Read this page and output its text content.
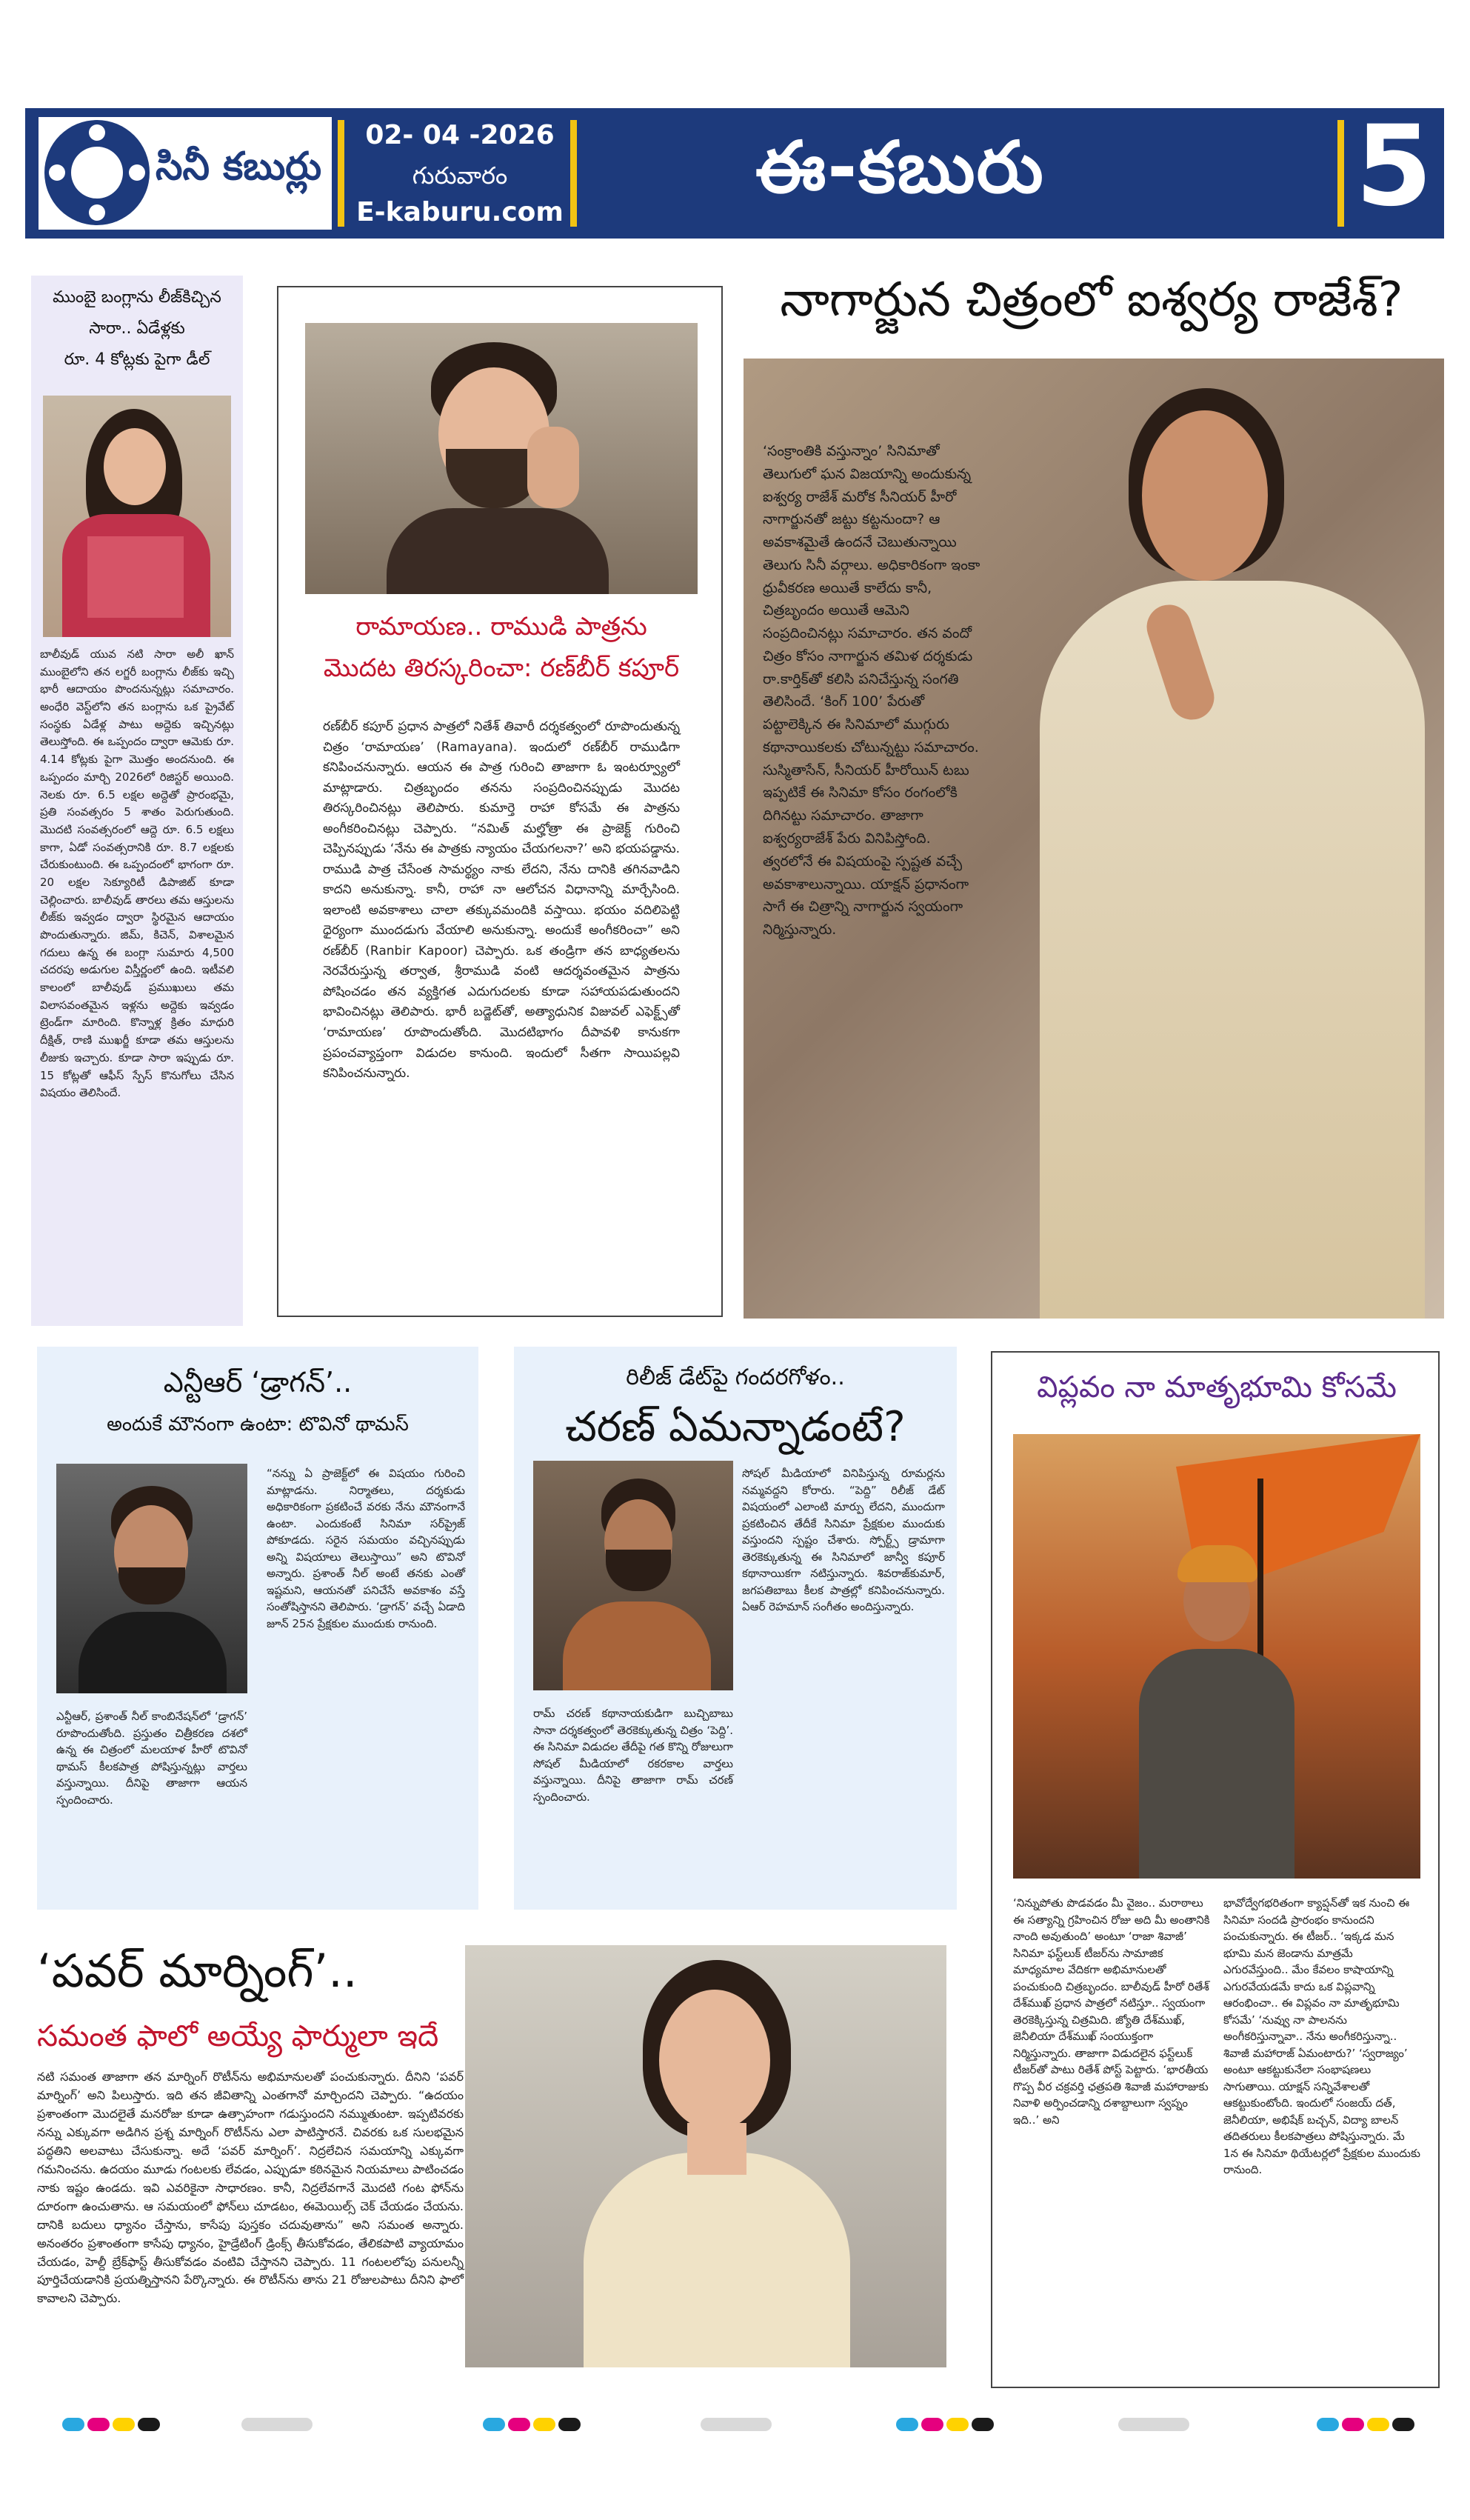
సినీ కబుర్లు
02- 04 -2026
గురువారం
E-kaburu.com
ఈ-కబురు	5
ముంబై బంగ్లాను లీజ్‌కిచ్చిన
సారా.. ఏడేళ్లకు
రూ. 4 కోట్లకు పైగా డీల్
బాలీవుడ్ యువ నటి సారా అలీ ఖాన్ ముంబైలోని తన లగ్జరీ బంగ్లాను లీజ్‌కు ఇచ్చి భారీ ఆదాయం పొందనున్నట్లు సమాచారం. అంధేరి వెస్ట్‌లోని తన బంగ్లాను ఒక ప్రైవేట్ సంస్థకు ఏడేళ్ల పాటు అద్దెకు ఇచ్చినట్లు తెలుస్తోంది. ఈ ఒప్పందం ద్వారా ఆమెకు రూ. 4.14 కోట్లకు పైగా మొత్తం అందనుంది. ఈ ఒప్పందం మార్చి 2026లో రిజిస్టర్ అయింది. నెలకు రూ. 6.5 లక్షల అద్దెతో ప్రారంభమై, ప్రతి సంవత్సరం 5 శాతం పెరుగుతుంది. మొదటి సంవత్సరంలో ఆద్దె రూ. 6.5 లక్షలు కాగా, ఏడో సంవత్సరానికి రూ. 8.7 లక్షలకు చేరుకుంటుంది. ఈ ఒప్పందంలో భాగంగా రూ. 20 లక్షల సెక్యూరిటీ డిపాజిట్ కూడా చెల్లించారు. బాలీవుడ్ తారలు తమ ఆస్తులను లీజ్‌కు ఇవ్వడం ద్వారా స్థిరమైన ఆదాయం పొందుతున్నారు. జిమ్, కిచెన్, విశాలమైన గదులు ఉన్న ఈ బంగ్లా సుమారు 4,500 చదరపు అడుగుల విస్తీర్ణంలో ఉంది. ఇటీవలి కాలంలో బాలీవుడ్ ప్రముఖులు తమ విలాసవంతమైన ఇళ్లను అద్దెకు ఇవ్వడం ట్రెండ్‌గా మారింది. కొన్నాళ్ల క్రితం మాధురి దీక్షిత్, రాణి ముఖర్జీ కూడా తమ ఆస్తులను లీజుకు ఇచ్చారు. కూడా సారా ఇప్పుడు రూ. 15 కోట్లతో ఆఫీస్ స్పేస్ కొనుగోలు చేసిన విషయం తెలిసిందే.
రామాయణ.. రాముడి పాత్రను
మొదట తిరస్కరించా: రణ్‌బీర్ కపూర్
రణ్‌బీర్ కపూర్ ప్రధాన పాత్రలో నితేశ్ తివారీ దర్శకత్వంలో రూపొందుతున్న చిత్రం ‘రామాయణ’ (Ramayana). ఇందులో రణ్‌బీర్ రాముడిగా కనిపించనున్నారు. ఆయన ఈ పాత్ర గురించి తాజాగా ఓ ఇంటర్వ్యూలో మాట్లాడారు. చిత్రబృందం తనను సంప్రదించినప్పుడు మొదట తిరస్కరించినట్లు తెలిపారు. కుమార్తె రాహా కోసమే ఈ పాత్రను అంగీకరించినట్లు చెప్పారు. “నమిత్ మల్హోత్రా ఈ ప్రాజెక్ట్ గురించి చెప్పినప్పుడు ‘నేను ఈ పాత్రకు న్యాయం చేయగలనా?’ అని భయపడ్డాను. రాముడి పాత్ర చేసేంత సామర్థ్యం నాకు లేదని, నేను దానికి తగినవాడిని కాదని అనుకున్నా. కానీ, రాహా నా ఆలోచన విధానాన్ని మార్చేసింది. ఇలాంటి అవకాశాలు చాలా తక్కువమందికి వస్తాయి. భయం వదిలిపెట్టి ధైర్యంగా ముందడుగు వేయాలి అనుకున్నా. అందుకే అంగీకరించా” అని రణ్‌బీర్ (Ranbir Kapoor) చెప్పారు. ఒక తండ్రిగా తన బాధ్యతలను నెరవేరుస్తున్న తర్వాత, శ్రీరాముడి వంటి ఆదర్శవంతమైన పాత్రను పోషించడం తన వ్యక్తిగత ఎదుగుదలకు కూడా సహాయపడుతుందని భావించినట్లు తెలిపారు. భారీ బడ్జెట్‌తో, అత్యాధునిక విజువల్ ఎఫెక్ట్స్‌తో ‘రామాయణ’ రూపొందుతోంది. మొదటిభాగం దీపావళి కానుకగా ప్రపంచవ్యాప్తంగా విడుదల కానుంది. ఇందులో సీతగా సాయిపల్లవి కనిపించనున్నారు.
నాగార్జున చిత్రంలో ఐశ్వర్య రాజేశ్?
‘సంక్రాంతికి వస్తున్నాం’ సినిమాతో తెలుగులో ఘన విజయాన్ని అందుకున్న ఐశ్వర్య రాజేశ్ మరోక సీనియర్ హీరో నాగార్జునతో జట్టు కట్టనుందా? ఆ అవకాశమైతే ఉందనే చెబుతున్నాయి తెలుగు సినీ వర్గాలు. అధికారికంగా ఇంకా ధ్రువీకరణ అయితే కాలేదు కానీ, చిత్రబృందం అయితే ఆమెని సంప్రదించినట్లు సమాచారం. తన వందో చిత్రం కోసం నాగార్జున తమిళ దర్శకుడు రా.కార్తిక్‌తో కలిసి పనిచేస్తున్న సంగతి తెలిసిందే. ‘కింగ్ 100’ పేరుతో పట్టాలెక్కిన ఈ సినిమాలో ముగ్గురు కథానాయికలకు చోటున్నట్టు సమాచారం. సుస్మితాసేన్, సీనియర్ హీరోయిన్ టబు ఇప్పటికే ఈ సినిమా కోసం రంగంలోకి దిగినట్టు సమాచారం. తాజాగా ఐశ్వర్యరాజేశ్ పేరు వినిపిస్తోంది. త్వరలోనే ఈ విషయంపై స్పష్టత వచ్చే అవకాశాలున్నాయి. యాక్షన్ ప్రధానంగా సాగే ఈ చిత్రాన్ని నాగార్జున స్వయంగా నిర్మిస్తున్నారు.
ఎన్టీఆర్ ‘డ్రాగన్’..
అందుకే మౌనంగా ఉంటా: టొవినో థామస్
“నన్ను ఏ ప్రాజెక్ట్‌లో ఈ విషయం గురించి మాట్లాడను. నిర్మాతలు, దర్శకుడు అధికారికంగా ప్రకటించే వరకు నేను మౌనంగానే ఉంటా. ఎందుకంటే సినిమా సర్‌ప్రైజ్ పోకూడదు. సరైన సమయం వచ్చినప్పుడు అన్ని విషయాలు తెలుస్తాయి” అని టొవినో అన్నారు. ప్రశాంత్ నీల్ అంటే తనకు ఎంతో ఇష్టమని, ఆయనతో పనిచేసే అవకాశం వస్తే సంతోషిస్తానని తెలిపారు. ‘డ్రాగన్’ వచ్చే ఏడాది జూన్ 25న ప్రేక్షకుల ముందుకు రానుంది.
ఎన్టీఆర్, ప్రశాంత్ నీల్ కాంబినేషన్‌లో ‘డ్రాగన్’ రూపొందుతోంది. ప్రస్తుతం చిత్రీకరణ దశలో ఉన్న ఈ చిత్రంలో మలయాళ హీరో టొవినో థామస్ కీలకపాత్ర పోషిస్తున్నట్లు వార్తలు వస్తున్నాయి. దీనిపై తాజాగా ఆయన స్పందించారు.
రిలీజ్ డేట్‌పై గందరగోళం..
చరణ్ ఏమన్నాడంటే?
రామ్ చరణ్ కథానాయకుడిగా బుచ్చిబాబు సానా దర్శకత్వంలో తెరకెక్కుతున్న చిత్రం ‘పెద్ది’. ఈ సినిమా విడుదల తేదీపై గత కొన్ని రోజులుగా సోషల్ మీడియాలో రకరకాల వార్తలు వస్తున్నాయి. దీనిపై తాజాగా రామ్ చరణ్ స్పందించారు.
సోషల్ మీడియాలో వినిపిస్తున్న రూమర్లను నమ్మవద్దని కోరారు. “పెద్ది” రిలీజ్ డేట్ విషయంలో ఎలాంటి మార్పు లేదని, ముందుగా ప్రకటించిన తేదీకే సినిమా ప్రేక్షకుల ముందుకు వస్తుందని స్పష్టం చేశారు. స్పోర్ట్స్ డ్రామాగా తెరకెక్కుతున్న ఈ సినిమాలో జాన్వీ కపూర్ కథానాయికగా నటిస్తున్నారు. శివరాజ్‌కుమార్, జగపతిబాబు కీలక పాత్రల్లో కనిపించనున్నారు. ఏఆర్ రెహమాన్ సంగీతం అందిస్తున్నారు.
విప్లవం నా మాతృభూమి కోసమే
‘నిన్నుపోతు పొడవడం మీ వైజం.. మరాఠాలు ఈ సత్యాన్ని గ్రహించిన రోజు అది మీ అంతానికి నాంది అవుతుంది’ అంటూ ‘రాజా శివాజీ’ సినిమా ఫస్ట్‌లుక్ టీజర్‌ను సామాజిక మాధ్యమాల వేదికగా అభిమానులతో పంచుకుంది చిత్రబృందం. బాలీవుడ్ హీరో రితేశ్ దేశ్‌ముఖ్ ప్రధాన పాత్రలో నటిస్తూ.. స్వయంగా తెరకెక్కిస్తున్న చిత్రమిది. జ్యోతి దేశ్‌ముఖ్, జెనీలియా దేశ్‌ముఖ్ సంయుక్తంగా నిర్మిస్తున్నారు. తాజాగా విడుదలైన ఫస్ట్‌లుక్ టీజర్‌తో పాటు రితేశ్ పోస్ట్ పెట్టారు. ‘భారతీయ గొప్ప వీర చక్రవర్తి ఛత్రపతి శివాజీ మహారాజుకు నివాళి అర్పించడాన్ని దశాబ్దాలుగా స్వప్నం ఇది..’ అని
భావోద్వేగభరితంగా క్యాప్షన్‌తో ఇక నుంచి ఈ సినిమా సందడి ప్రారంభం కానుందని పంచుకున్నారు. ఈ టీజర్.. ‘ఇక్కడ మన భూమి మన జెండాను మాత్రమే ఎగురవేస్తుంది.. మేం కేవలం కాషాయాన్ని ఎగురవేయడమే కాదు ఒక విప్లవాన్ని ఆరంభించా.. ఈ విప్లవం నా మాతృభూమి కోసమే’ ‘నువ్వు నా పాలనను అంగీకరిస్తున్నావా.. నేను అంగీకరిస్తున్నా.. శివాజీ మహారాజ్ ఏమంటారు?’ ‘స్వరాజ్యం’ అంటూ ఆకట్టుకునేలా సంభాషణలు సాగుతాయి. యాక్షన్ సన్నివేశాలతో ఆకట్టుకుంటోంది. ఇందులో సంజయ్ దత్, జెనీలియా, అభిషేక్ బచ్చన్, విద్యా బాలన్ తదితరులు కీలకపాత్రలు పోషిస్తున్నారు. మే 1న ఈ సినిమా థియేటర్లలో ప్రేక్షకుల ముందుకు రానుంది.
‘పవర్ మార్నింగ్’..
సమంత ఫాలో అయ్యే ఫార్ములా ఇదే
నటి సమంత తాజాగా తన మార్నింగ్ రొటీన్‌ను అభిమానులతో పంచుకున్నారు. దీనిని ‘పవర్ మార్నింగ్’ అని పిలుస్తారు. ఇది తన జీవితాన్ని ఎంతగానో మార్చిందని చెప్పారు. “ఉదయం ప్రశాంతంగా మొదలైతే మనరోజు కూడా ఉత్సాహంగా గడుస్తుందని నమ్ముతుంటా. ఇప్పటివరకు నన్ను ఎక్కువగా అడిగిన ప్రశ్న మార్నింగ్ రొటీన్‌ను ఎలా పాటిస్తారనే. చివరకు ఒక సులభమైన పద్ధతిని అలవాటు చేసుకున్నా. అదే ‘పవర్ మార్నింగ్’. నిద్రలేచిన సమయాన్ని ఎక్కువగా గమనించను. ఉదయం మూడు గంటలకు లేవడం, ఎప్పుడూ కఠినమైన నియమాలు పాటించడం నాకు ఇష్టం ఉండదు. ఇవి ఎవరికైనా సాధారణం. కానీ, నిద్రలేవగానే మొదటి గంట ఫోన్‌ను దూరంగా ఉంచుతాను. ఆ సమయంలో ఫోన్‌లు చూడటం, ఈమెయిల్స్ చెక్ చేయడం చేయను. దానికి బదులు ధ్యానం చేస్తాను, కాసేపు పుస్తకం చదువుతాను” అని సమంత అన్నారు. అనంతరం ప్రశాంతంగా కాసేపు ధ్యానం, హైడ్రేటింగ్ డ్రింక్స్ తీసుకోవడం, తేలికపాటి వ్యాయామం చేయడం, హెల్దీ బ్రేక్‌ఫాస్ట్ తీసుకోవడం వంటివి చేస్తానని చెప్పారు. 11 గంటలలోపు పనులన్నీ పూర్తిచేయడానికి ప్రయత్నిస్తానని పేర్కొన్నారు. ఈ రొటీన్‌ను తాను 21 రోజులపాటు దీనిని ఫాలో కావాలని చెప్పారు.
